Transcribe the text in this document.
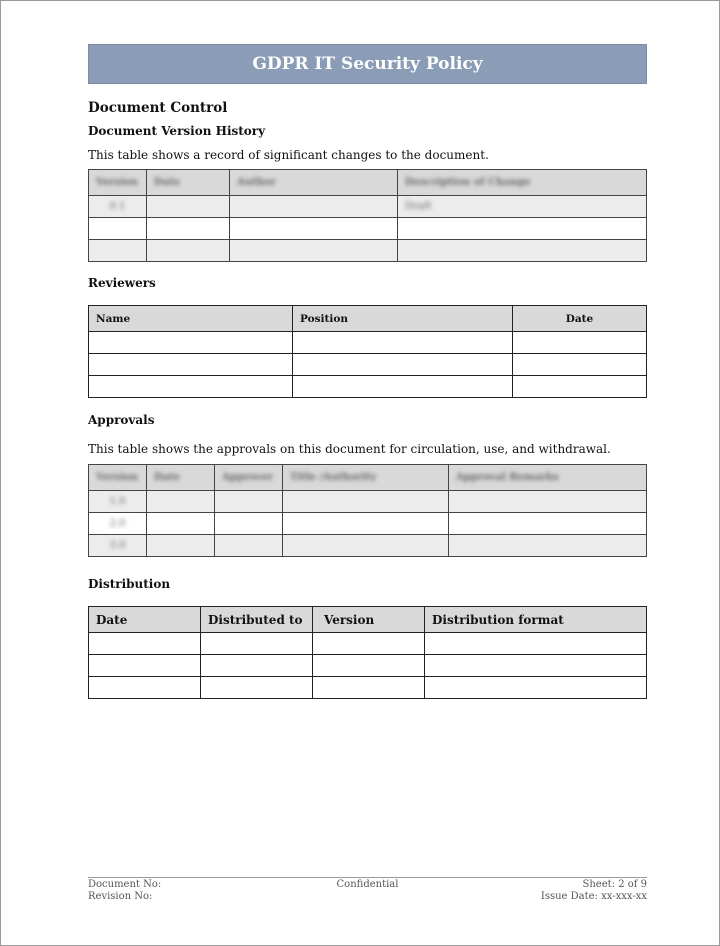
GDPR IT Security Policy
Document Control
Document Version History
This table shows a record of significant changes to the document.
Version	Date	Author	Description of Change
0.1			Draft

Reviewers
Name	Position	Date

Approvals
This table shows the approvals on this document for circulation, use, and withdrawal.
Version	Date	Approver	Title /Authority	Approval Remarks
1.0				
2.0				
3.0				
Distribution
Date	Distributed to	Version	Distribution format

Document No:	Confidential	Sheet: 2 of 9
Revision No:	Issue Date: xx-xxx-xx
